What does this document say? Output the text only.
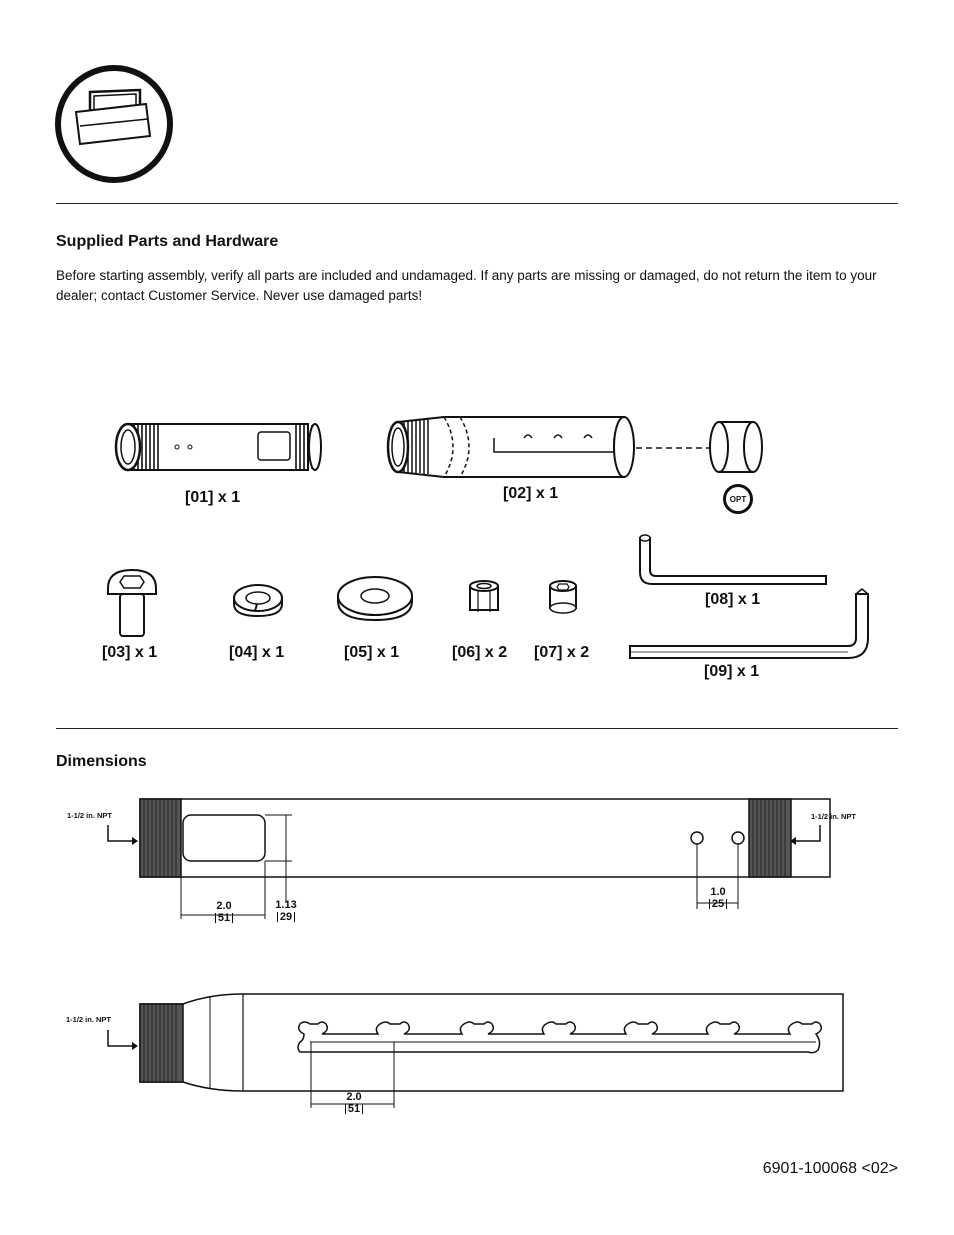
Supplied Parts and Hardware
Before starting assembly, verify all parts are included and undamaged. If any parts are missing or damaged, do not return the item to your dealer; contact Customer Service. Never use damaged parts!
[01] x 1	[02] x 1	OPT
[03] x 1	[04] x 1	[05] x 1	[06] x 2 [07] x 2
[08] x 1
[09] x 1
Dimensions
1-1/2 in. NPT	1-1/2 in. NPT
2.0
51
1.13
29
1.0
25
1-1/2 in. NPT
2.0
51
6901-100068 <02>
